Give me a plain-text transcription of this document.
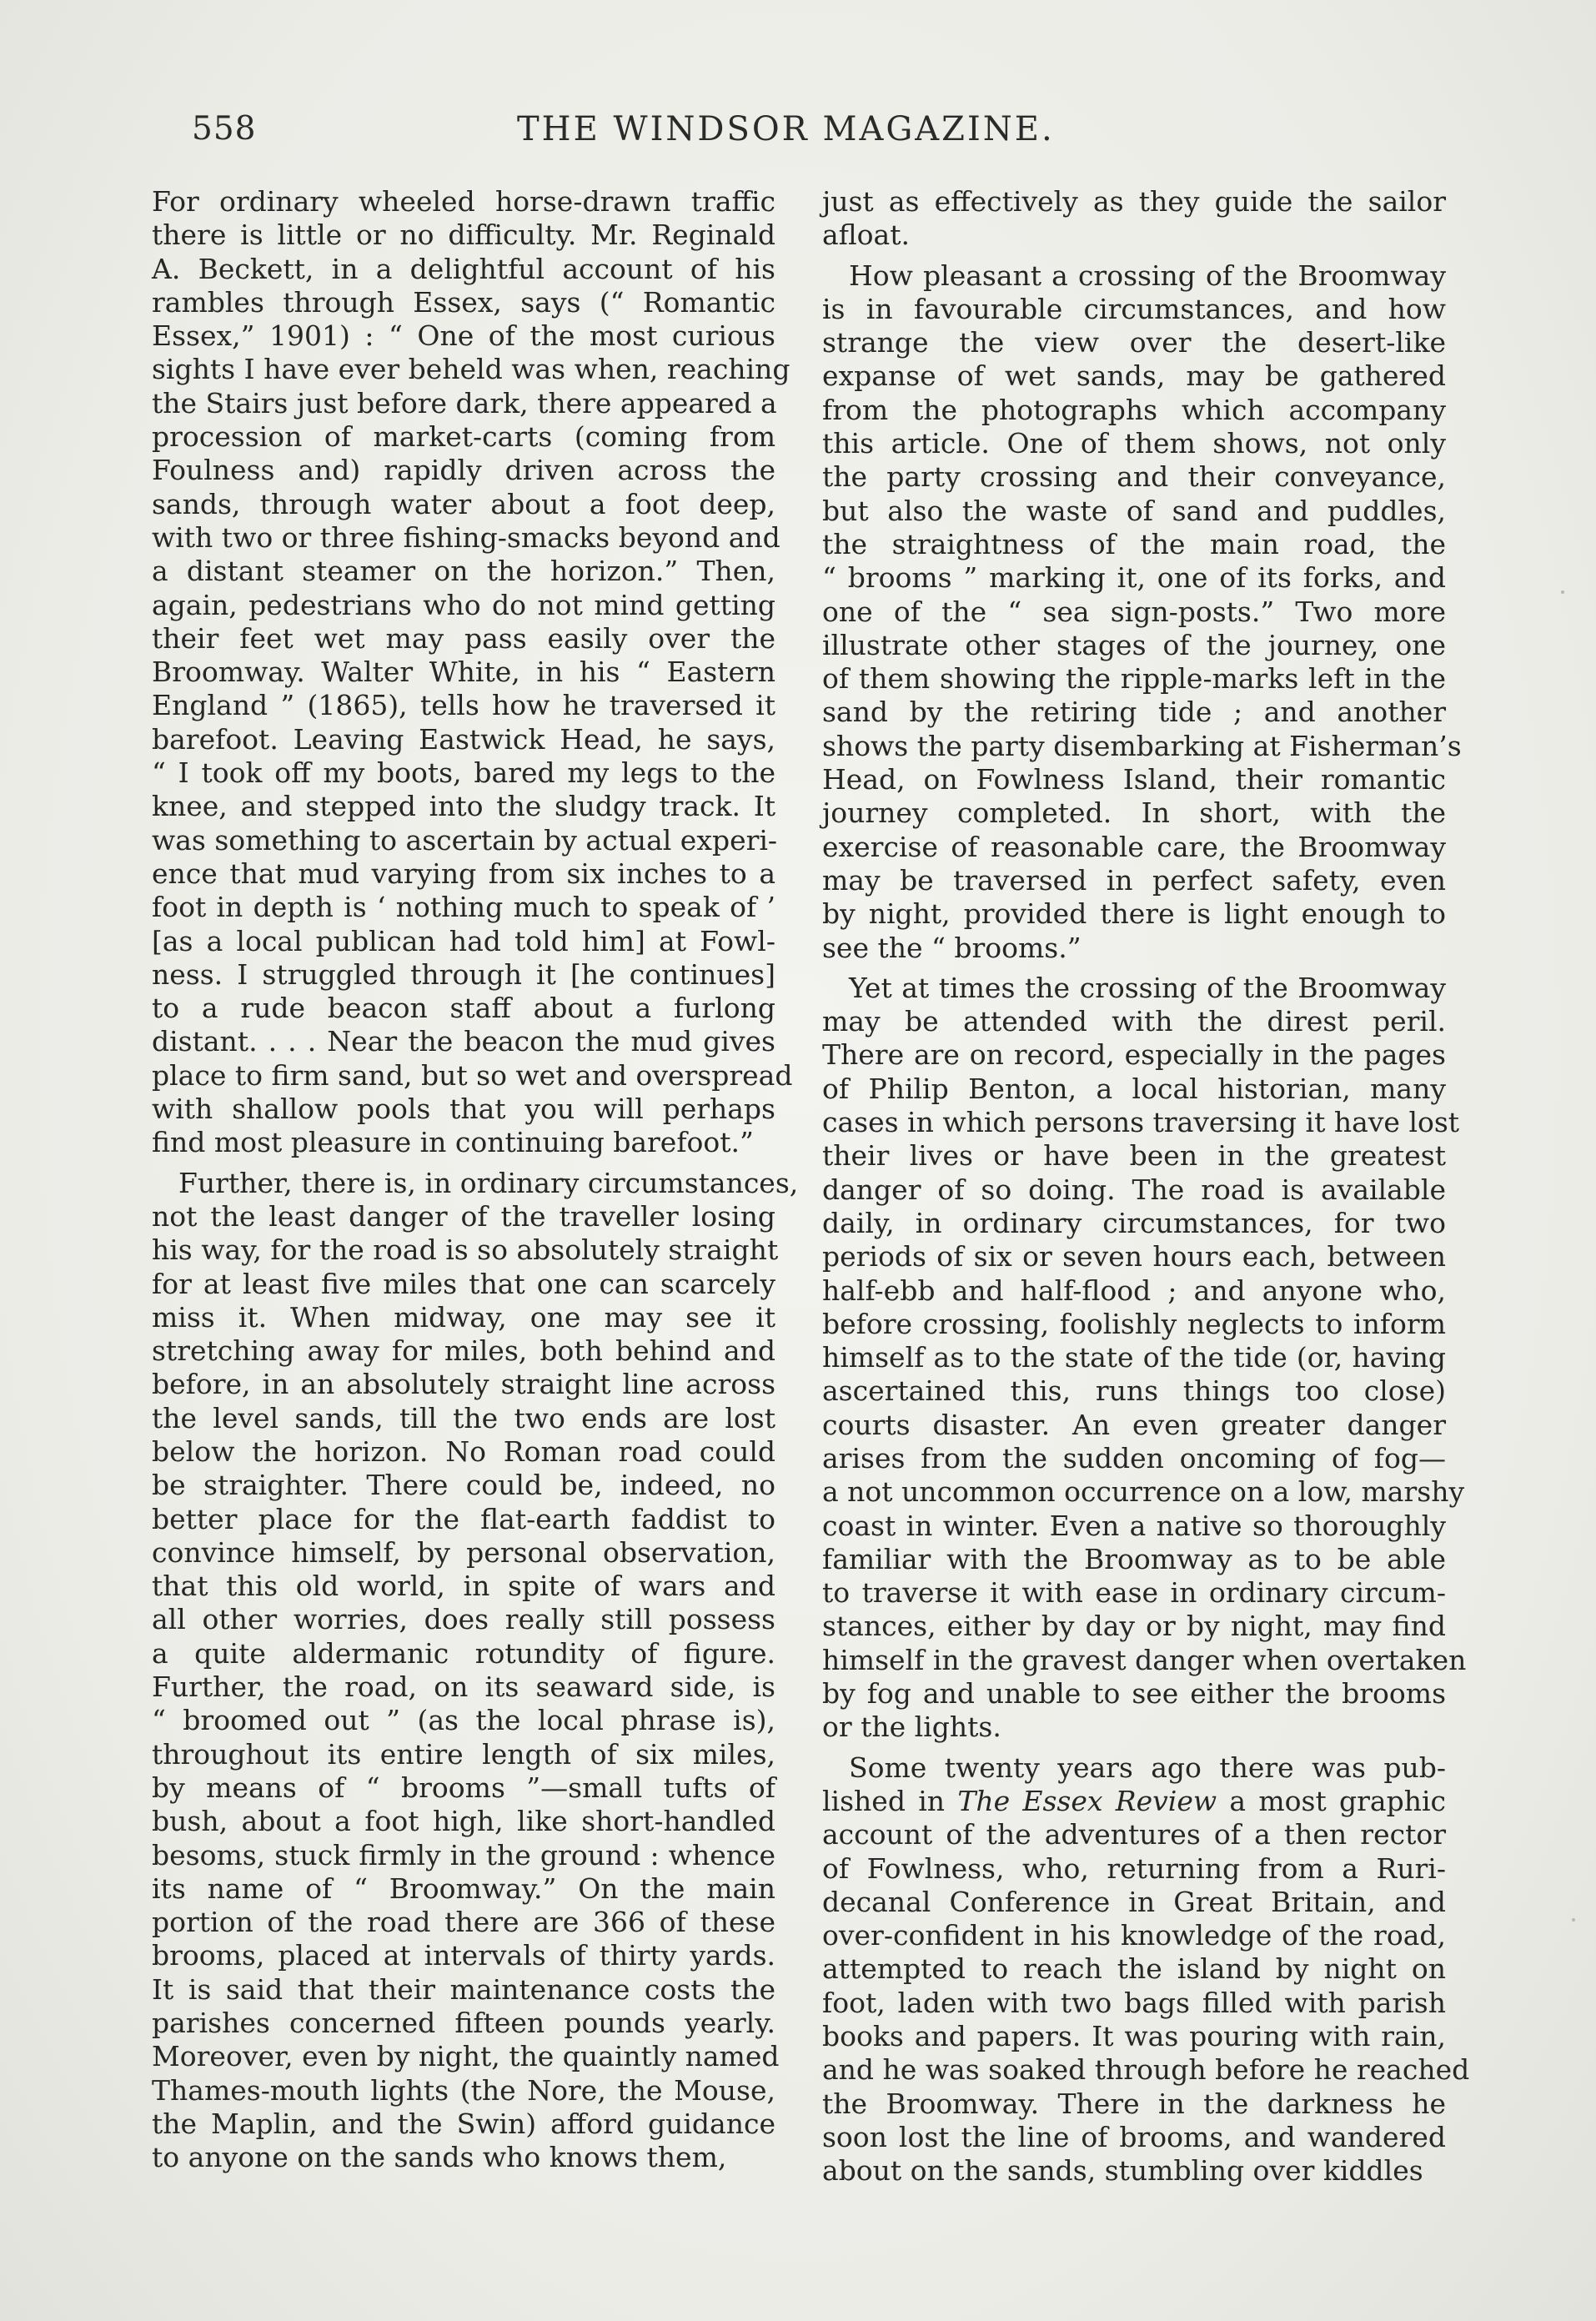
558	THE WINDSOR MAGAZINE.
For ordinary wheeled horse-drawn traffic
there is little or no difficulty. Mr. Reginald
A. Beckett, in a delightful account of his
rambles through Essex, says (“ Romantic
Essex,” 1901) : “ One of the most curious
sights I have ever beheld was when, reaching
the Stairs just before dark, there appeared a
procession of market-carts (coming from
Foulness and) rapidly driven across the
sands, through water about a foot deep,
with two or three fishing-smacks beyond and
a distant steamer on the horizon.” Then,
again, pedestrians who do not mind getting
their feet wet may pass easily over the
Broomway. Walter White, in his “ Eastern
England ” (1865), tells how he traversed it
barefoot. Leaving Eastwick Head, he says,
“ I took off my boots, bared my legs to the
knee, and stepped into the sludgy track. It
was something to ascertain by actual experi-
ence that mud varying from six inches to a
foot in depth is ‘ nothing much to speak of ’
[as a local publican had told him] at Fowl-
ness. I struggled through it [he continues]
to a rude beacon staff about a furlong
distant. . . . Near the beacon the mud gives
place to firm sand, but so wet and overspread
with shallow pools that you will perhaps
find most pleasure in continuing barefoot.”
Further, there is, in ordinary circumstances,
not the least danger of the traveller losing
his way, for the road is so absolutely straight
for at least five miles that one can scarcely
miss it. When midway, one may see it
stretching away for miles, both behind and
before, in an absolutely straight line across
the level sands, till the two ends are lost
below the horizon. No Roman road could
be straighter. There could be, indeed, no
better place for the flat-earth faddist to
convince himself, by personal observation,
that this old world, in spite of wars and
all other worries, does really still possess
a quite aldermanic rotundity of figure.
Further, the road, on its seaward side, is
“ broomed out ” (as the local phrase is),
throughout its entire length of six miles,
by means of “ brooms ”—small tufts of
bush, about a foot high, like short-handled
besoms, stuck firmly in the ground : whence
its name of “ Broomway.” On the main
portion of the road there are 366 of these
brooms, placed at intervals of thirty yards.
It is said that their maintenance costs the
parishes concerned fifteen pounds yearly.
Moreover, even by night, the quaintly named
Thames-mouth lights (the Nore, the Mouse,
the Maplin, and the Swin) afford guidance
to anyone on the sands who knows them,
just as effectively as they guide the sailor
afloat.
How pleasant a crossing of the Broomway
is in favourable circumstances, and how
strange the view over the desert-like
expanse of wet sands, may be gathered
from the photographs which accompany
this article. One of them shows, not only
the party crossing and their conveyance,
but also the waste of sand and puddles,
the straightness of the main road, the
“ brooms ” marking it, one of its forks, and
one of the “ sea sign-posts.” Two more
illustrate other stages of the journey, one
of them showing the ripple-marks left in the
sand by the retiring tide ; and another
shows the party disembarking at Fisherman’s
Head, on Fowlness Island, their romantic
journey completed. In short, with the
exercise of reasonable care, the Broomway
may be traversed in perfect safety, even
by night, provided there is light enough to
see the “ brooms.”
Yet at times the crossing of the Broomway
may be attended with the direst peril.
There are on record, especially in the pages
of Philip Benton, a local historian, many
cases in which persons traversing it have lost
their lives or have been in the greatest
danger of so doing. The road is available
daily, in ordinary circumstances, for two
periods of six or seven hours each, between
half-ebb and half-flood ; and anyone who,
before crossing, foolishly neglects to inform
himself as to the state of the tide (or, having
ascertained this, runs things too close)
courts disaster. An even greater danger
arises from the sudden oncoming of fog—
a not uncommon occurrence on a low, marshy
coast in winter. Even a native so thoroughly
familiar with the Broomway as to be able
to traverse it with ease in ordinary circum-
stances, either by day or by night, may find
himself in the gravest danger when overtaken
by fog and unable to see either the brooms
or the lights.
Some twenty years ago there was pub-
lished in The Essex Review a most graphic
account of the adventures of a then rector
of Fowlness, who, returning from a Ruri-
decanal Conference in Great Britain, and
over-confident in his knowledge of the road,
attempted to reach the island by night on
foot, laden with two bags filled with parish
books and papers. It was pouring with rain,
and he was soaked through before he reached
the Broomway. There in the darkness he
soon lost the line of brooms, and wandered
about on the sands, stumbling over kiddles
